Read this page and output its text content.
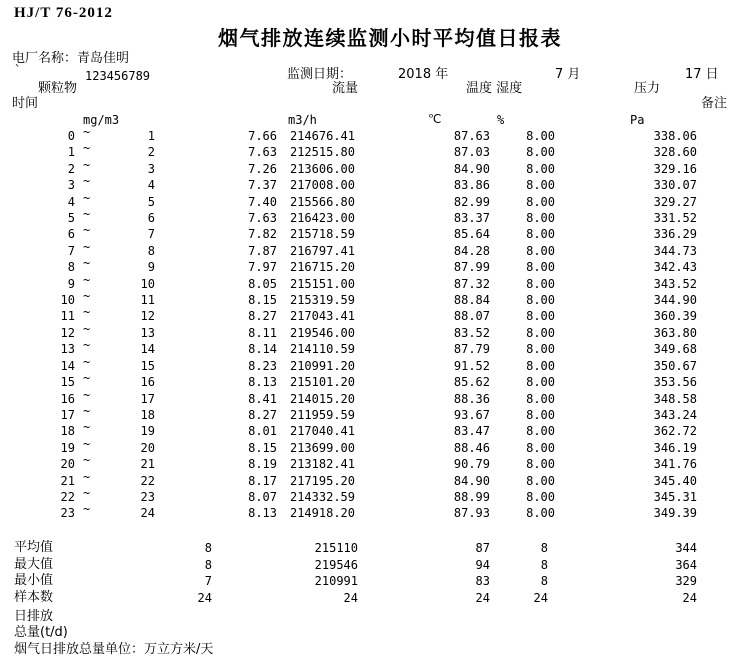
HJ/T 76-2012
烟气排放连续监测小时平均值日报表
电厂名称：青岛佳明
`	123456789	监测日期：	2018 年	7 月	17 日
颗粒物	流量	温度 湿度	压力
时间	备注
mg/m3	m3/h	℃	%	Pa
0 ~	1	7.66	214676.41	87.63	8.00	338.06
1 ~	2	7.63	212515.80	87.03	8.00	328.60
2 ~	3	7.26	213606.00	84.90	8.00	329.16
3 ~	4	7.37	217008.00	83.86	8.00	330.07
4 ~	5	7.40	215566.80	82.99	8.00	329.27
5 ~	6	7.63	216423.00	83.37	8.00	331.52
6 ~	7	7.82	215718.59	85.64	8.00	336.29
7 ~	8	7.87	216797.41	84.28	8.00	344.73
8 ~	9	7.97	216715.20	87.99	8.00	342.43
9 ~	10	8.05	215151.00	87.32	8.00	343.52
10 ~	11	8.15	215319.59	88.84	8.00	344.90
11 ~	12	8.27	217043.41	88.07	8.00	360.39
12 ~	13	8.11	219546.00	83.52	8.00	363.80
13 ~	14	8.14	214110.59	87.79	8.00	349.68
14 ~	15	8.23	210991.20	91.52	8.00	350.67
15 ~	16	8.13	215101.20	85.62	8.00	353.56
16 ~	17	8.41	214015.20	88.36	8.00	348.58
17 ~	18	8.27	211959.59	93.67	8.00	343.24
18 ~	19	8.01	217040.41	83.47	8.00	362.72
19 ~	20	8.15	213699.00	88.46	8.00	346.19
20 ~	21	8.19	213182.41	90.79	8.00	341.76
21 ~	22	8.17	217195.20	84.90	8.00	345.40
22 ~	23	8.07	214332.59	88.99	8.00	345.31
23 ~	24	8.13	214918.20	87.93	8.00	349.39
平均值	8	215110	87	8	344
最大值	8	219546	94	8	364
最小值	7	210991	83	8	329
样本数	24	24	24	24	24
日排放
总量(t/d)
烟气日排放总量单位：万立方米/天
